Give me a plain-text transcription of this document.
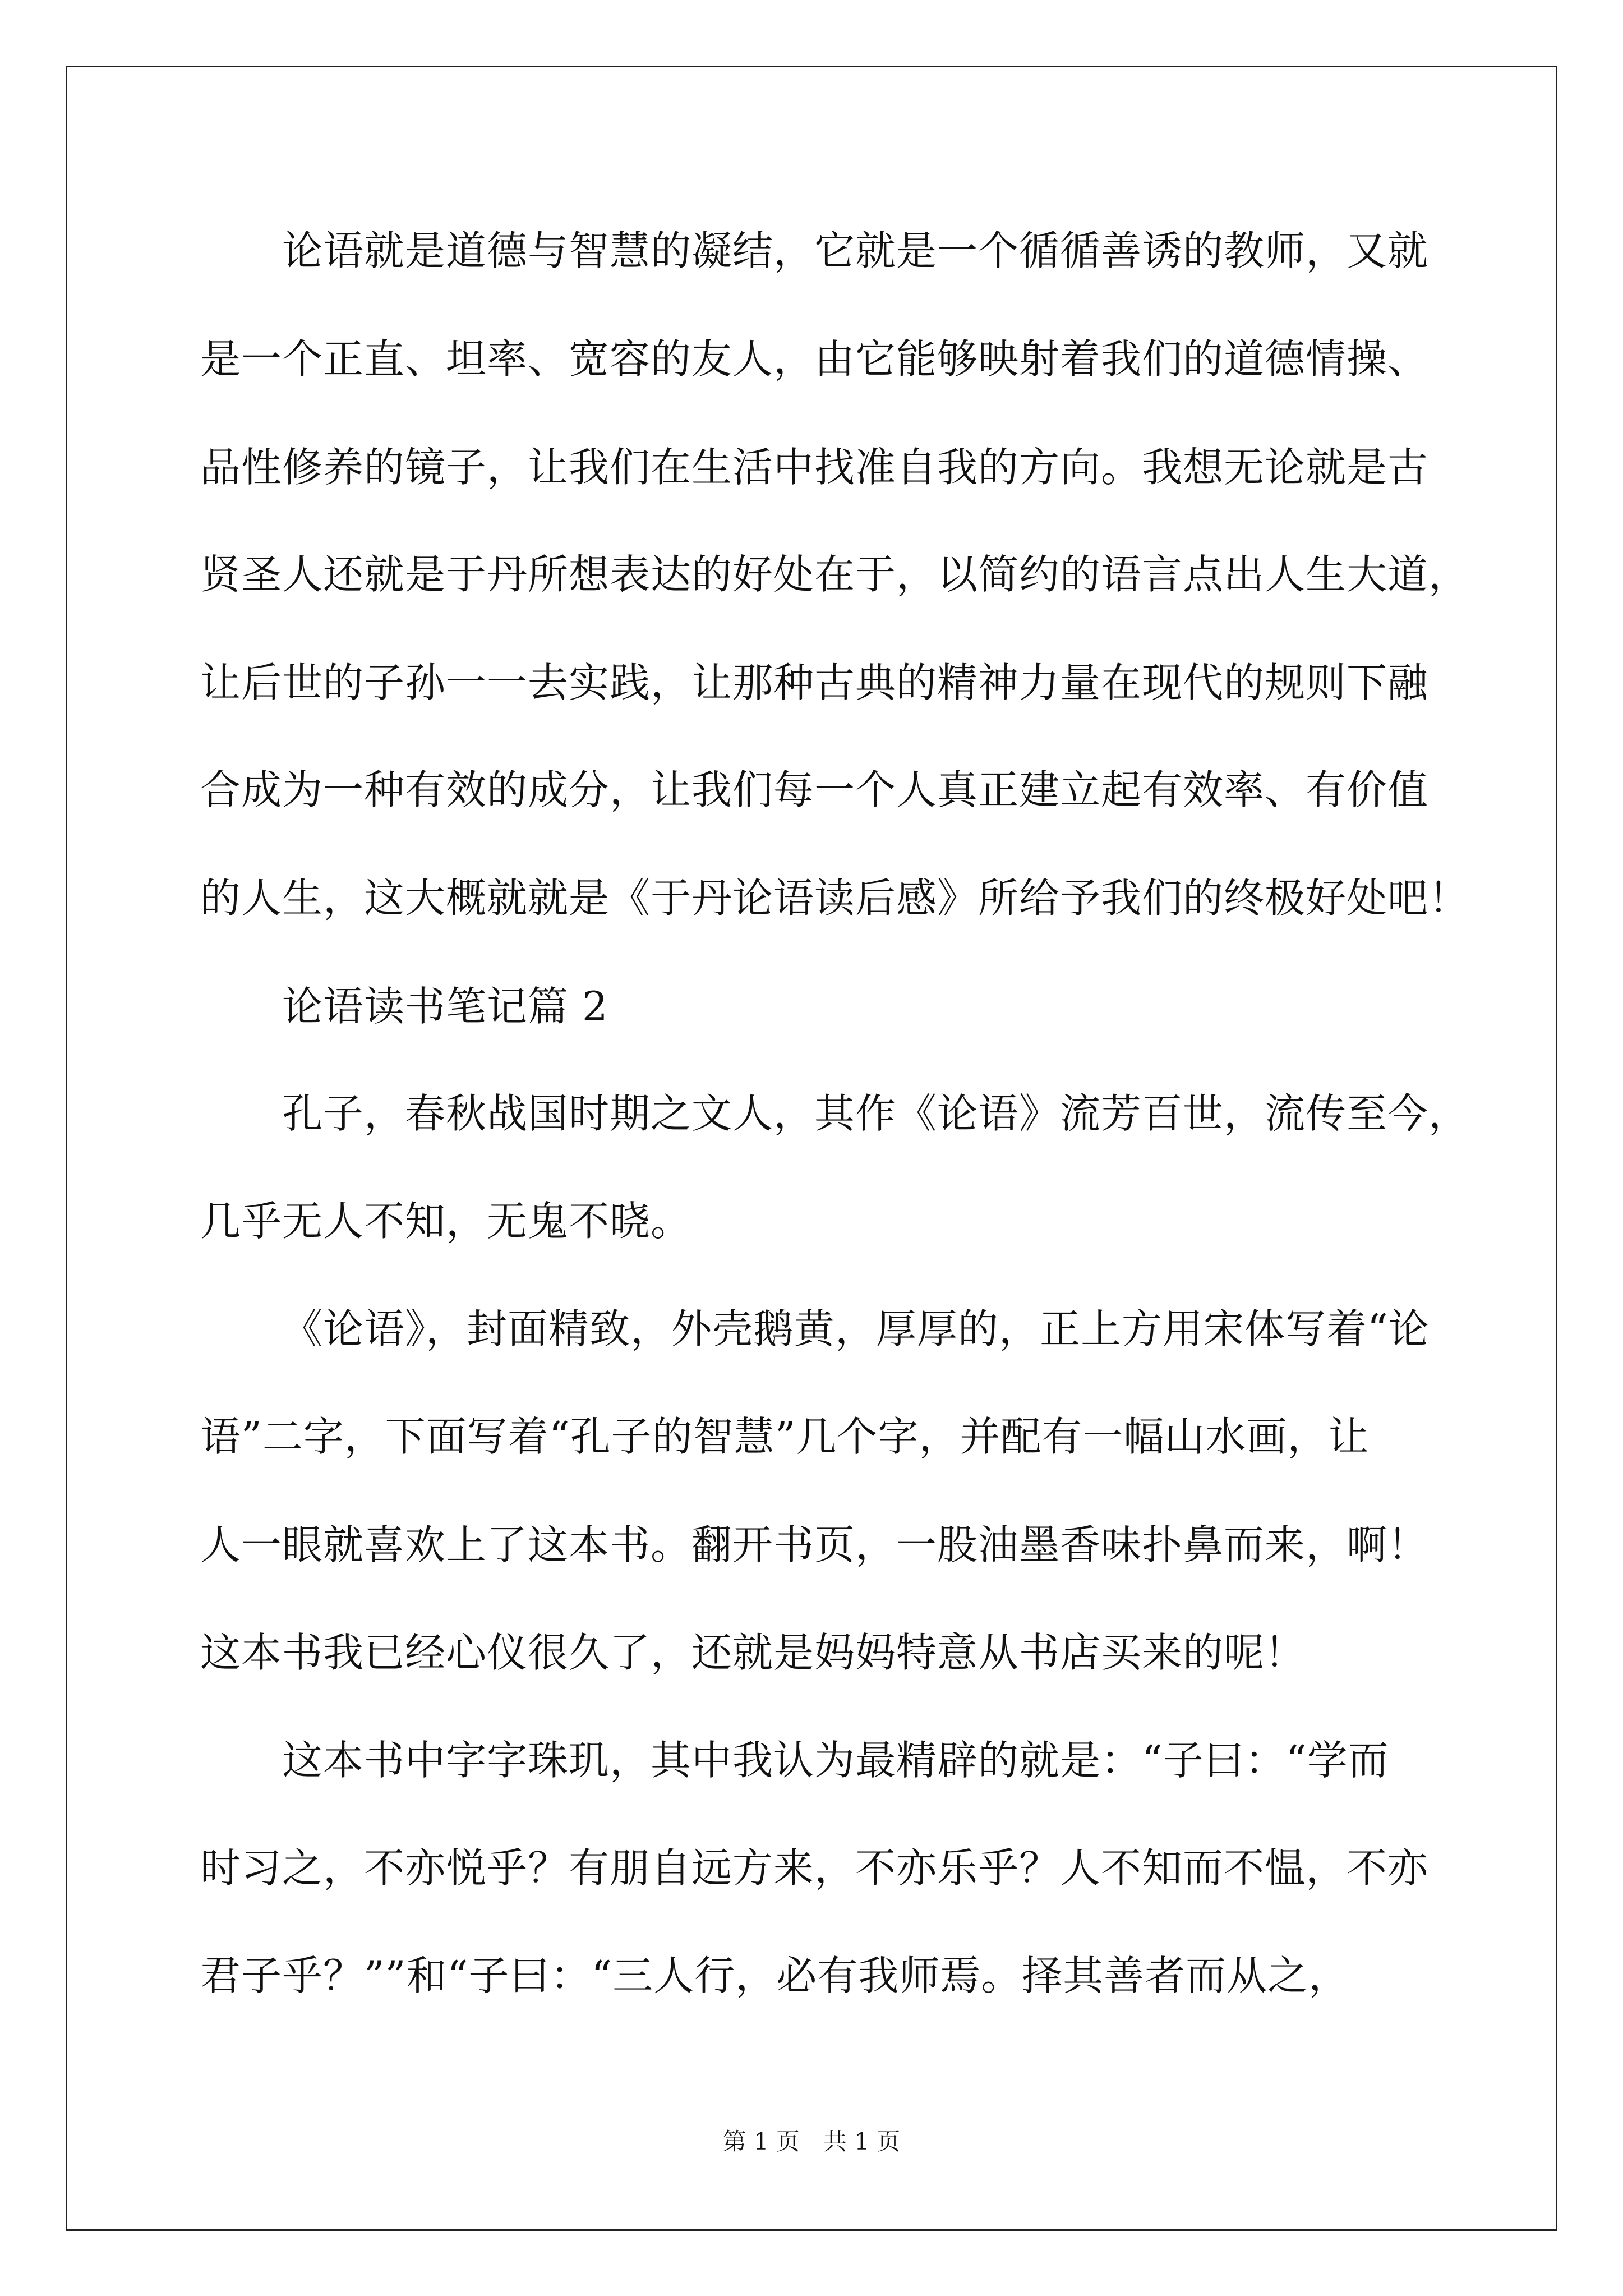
论语就是道德与智慧的凝结，它就是一个循循善诱的教师，又就
是一个正直、坦率、宽容的友人，由它能够映射着我们的道德情操、
品性修养的镜子，让我们在生活中找准自我的方向。我想无论就是古
贤圣人还就是于丹所想表达的好处在于，以简约的语言点出人生大道，
让后世的子孙一一去实践，让那种古典的精神力量在现代的规则下融
合成为一种有效的成分，让我们每一个人真正建立起有效率、有价值
的人生，这大概就就是《于丹论语读后感》所给予我们的终极好处吧！
论语读书笔记篇 2
孔子，春秋战国时期之文人，其作《论语》流芳百世，流传至今，
几乎无人不知，无鬼不晓。
《论语》，封面精致，外壳鹅黄，厚厚的，正上方用宋体写着“论
语”二字，下面写着“孔子的智慧”几个字，并配有一幅山水画，让
人一眼就喜欢上了这本书。翻开书页，一股油墨香味扑鼻而来，啊！
这本书我已经心仪很久了，还就是妈妈特意从书店买来的呢！
这本书中字字珠玑，其中我认为最精辟的就是：“子曰：“学而
时习之，不亦悦乎？有朋自远方来，不亦乐乎？人不知而不愠，不亦
君子乎？””和“子曰：“三人行，必有我师焉。择其善者而从之，
第 1 页　共 1 页
